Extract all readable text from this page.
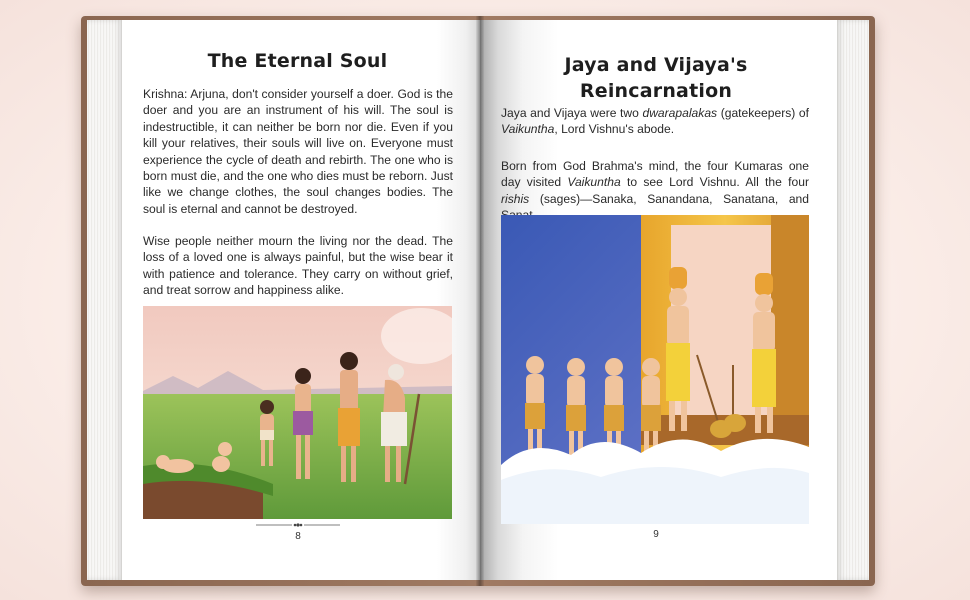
The Eternal Soul

Krishna: Arjuna, don't consider yourself a doer. God is the doer and you are an instrument of his will. The soul is indestructible, it can neither be born nor die. Even if you kill your relatives, their souls will live on. Everyone must experience the cycle of death and rebirth. The one who is born must die, and the one who dies must be reborn. Just like we change clothes, the soul changes bodies. The soul is eternal and cannot be destroyed.

Wise people neither mourn the living nor the dead. The loss of a loved one is always painful, but the wise bear it with patience and tolerance. They carry on without grief, and treat sorrow and happiness alike.

8

Jaya and Vijaya's
Reincarnation

Jaya and Vijaya were two dwarapalakas (gatekeepers) of Vaikuntha, Lord Vishnu's abode.

Born from God Brahma's mind, the four Kumaras one day visited Vaikuntha to see Lord Vishnu. All the four rishis (sages)—Sanaka, Sanandana, Sanatana, and

9
